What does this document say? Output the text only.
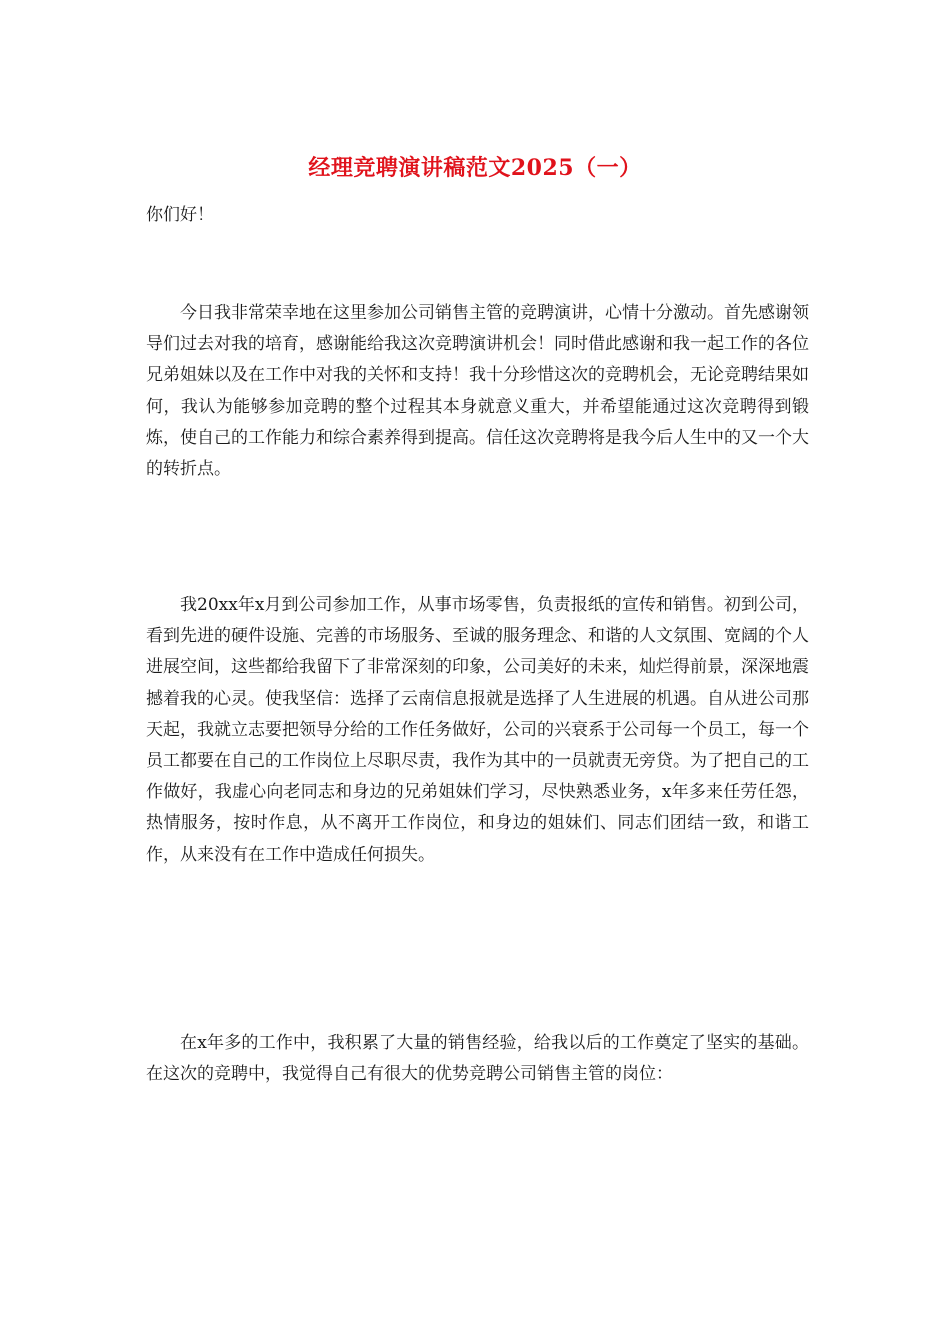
经理竞聘演讲稿范文2025（一）
你们好！

今日我非常荣幸地在这里参加公司销售主管的竞聘演讲，心情十分激动。首先感谢领导们过去对我的培育，感谢能给我这次竞聘演讲机会！同时借此感谢和我一起工作的各位兄弟姐妹以及在工作中对我的关怀和支持！我十分珍惜这次的竞聘机会，无论竞聘结果如何，我认为能够参加竞聘的整个过程其本身就意义重大，并希望能通过这次竞聘得到锻炼，使自己的工作能力和综合素养得到提高。信任这次竞聘将是我今后人生中的又一个大的转折点。

我20xx年x月到公司参加工作，从事市场零售，负责报纸的宣传和销售。初到公司，看到先进的硬件设施、完善的市场服务、至诚的服务理念、和谐的人文氛围、宽阔的个人进展空间，这些都给我留下了非常深刻的印象，公司美好的未来，灿烂得前景，深深地震撼着我的心灵。使我坚信：选择了云南信息报就是选择了人生进展的机遇。自从进公司那天起，我就立志要把领导分给的工作任务做好，公司的兴衰系于公司每一个员工，每一个员工都要在自己的工作岗位上尽职尽责，我作为其中的一员就责无旁贷。为了把自己的工作做好，我虚心向老同志和身边的兄弟姐妹们学习，尽快熟悉业务，x年多来任劳任怨，热情服务，按时作息，从不离开工作岗位，和身边的姐妹们、同志们团结一致，和谐工作，从来没有在工作中造成任何损失。

在x年多的工作中，我积累了大量的销售经验，给我以后的工作奠定了坚实的基础。在这次的竞聘中，我觉得自己有很大的优势竞聘公司销售主管的岗位：
